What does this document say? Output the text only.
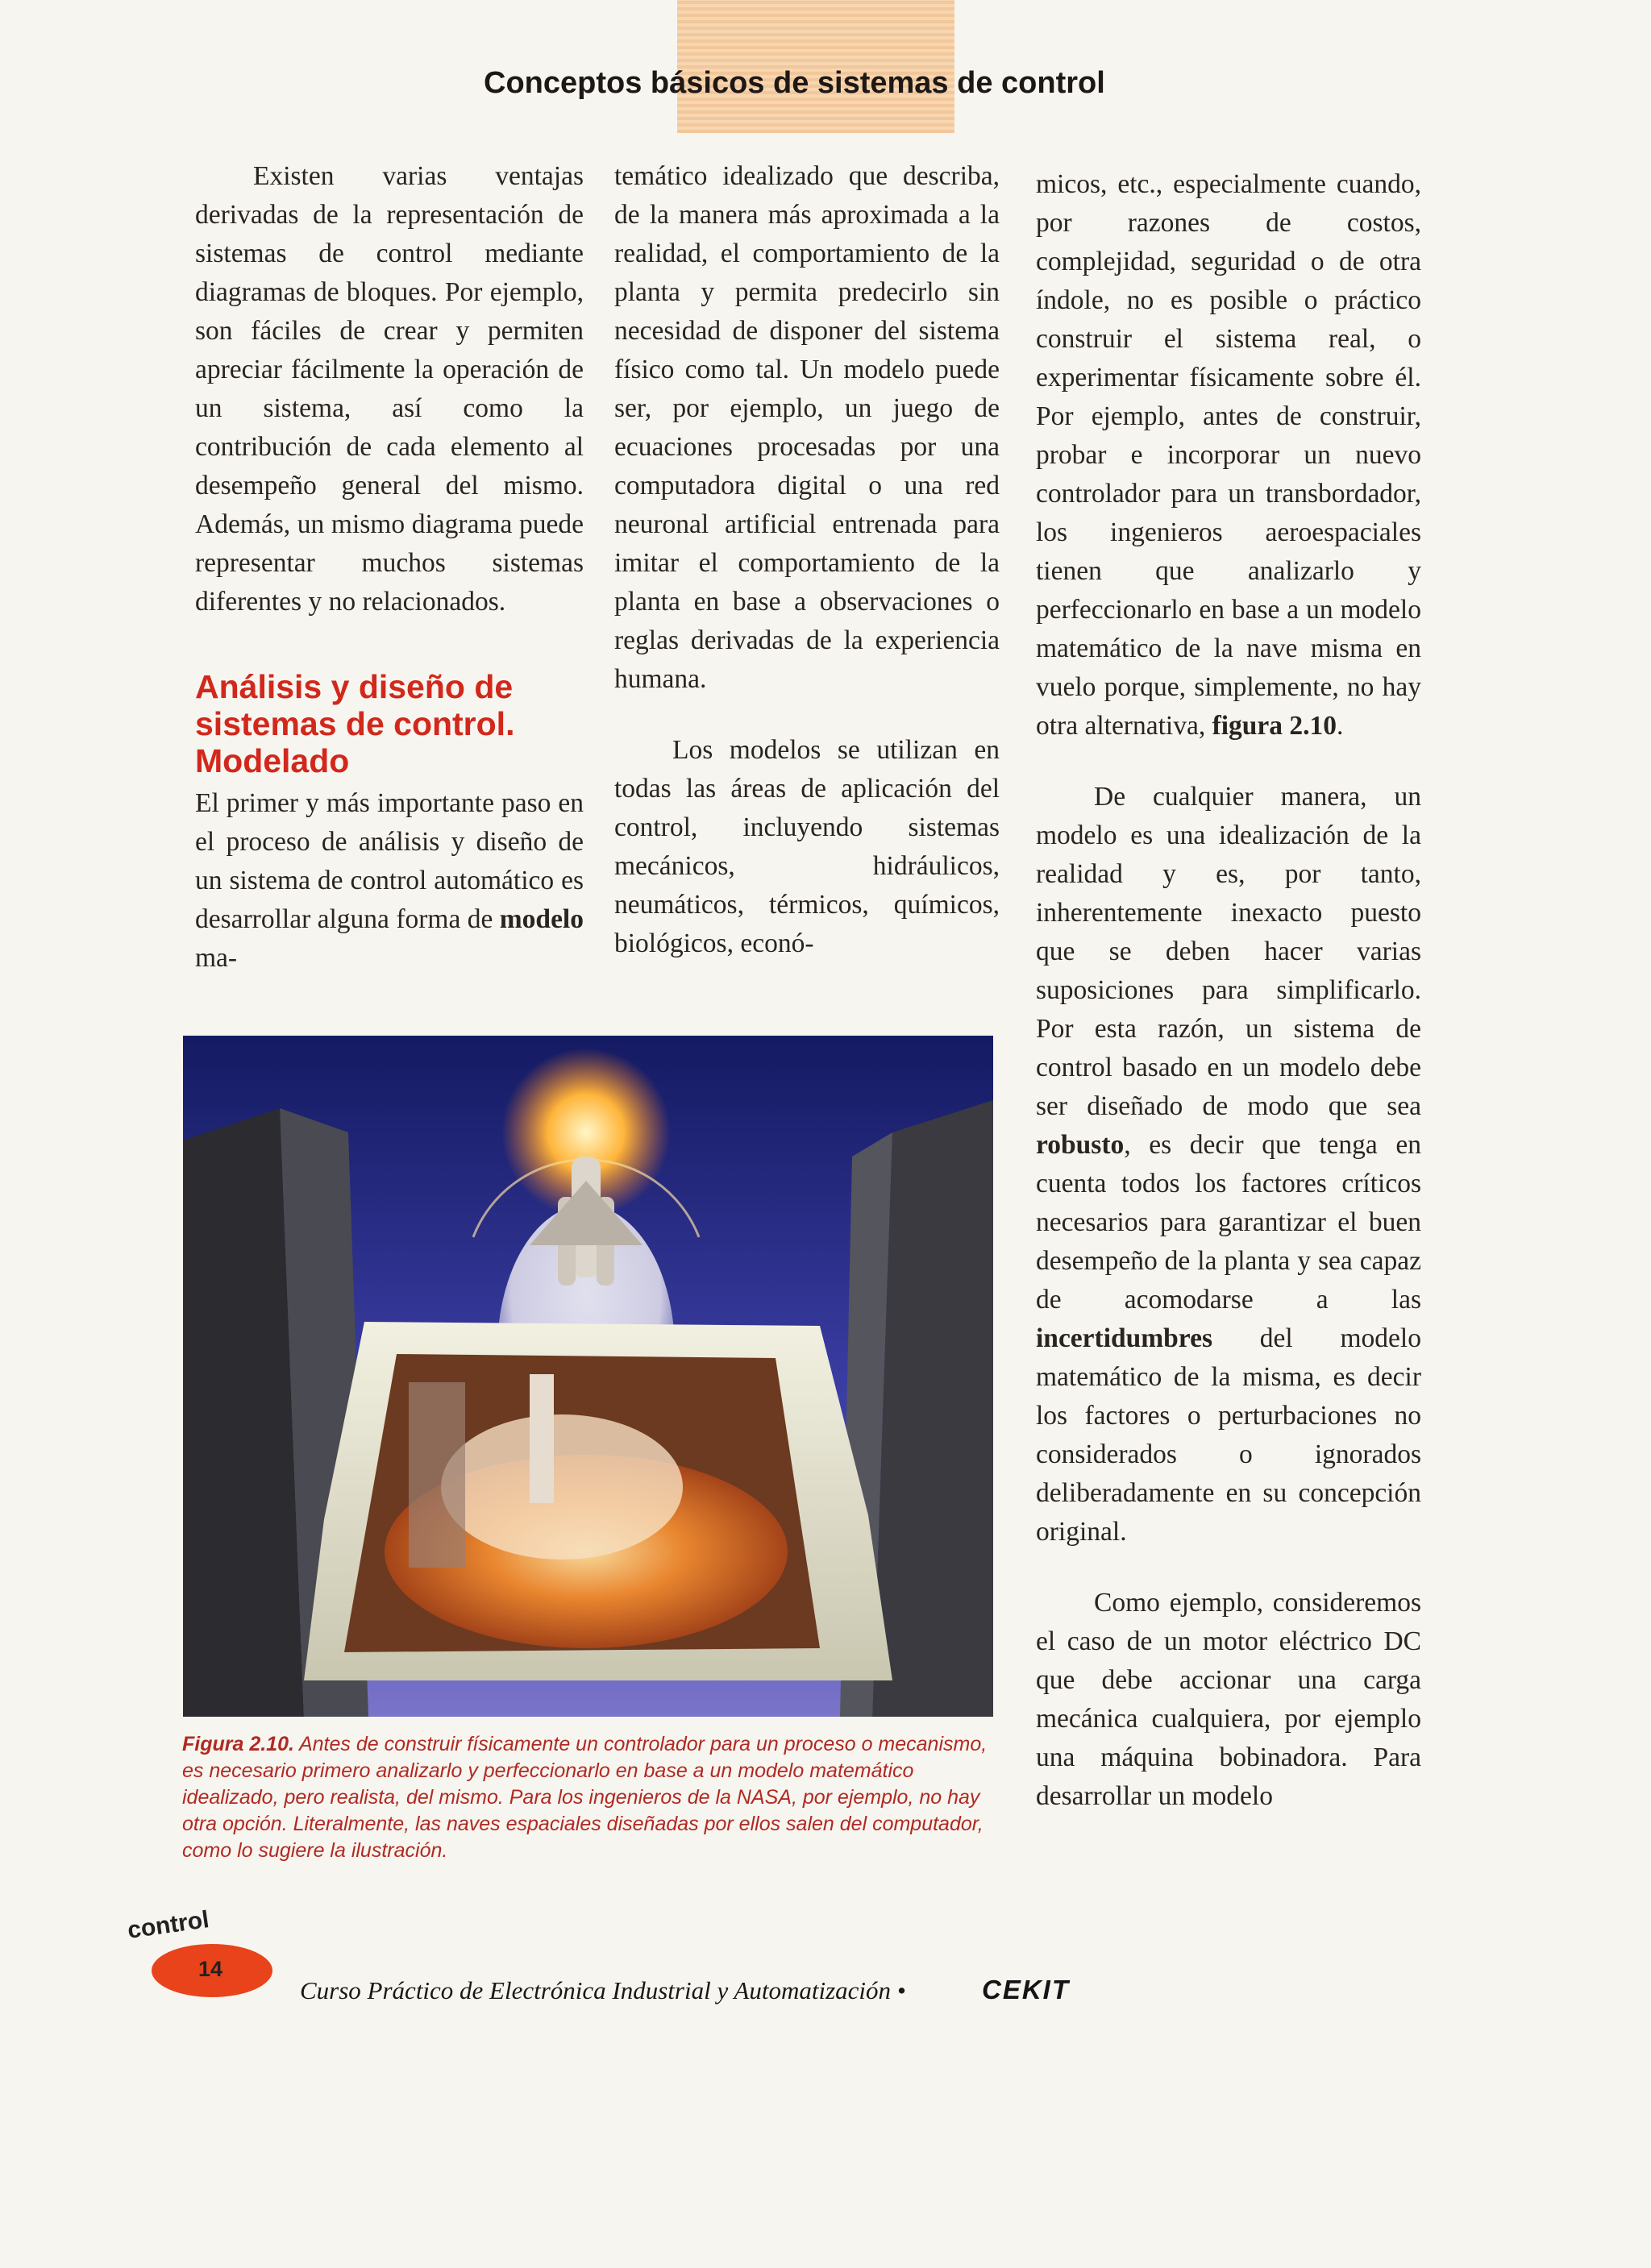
Conceptos básicos de sistemas de control

Existen varias ventajas derivadas de la representación de sistemas de control mediante diagramas de bloques. Por ejemplo, son fáciles de crear y permiten apreciar fácilmente la operación de un sistema, así como la contribución de cada elemento al desempeño general del mismo. Además, un mismo diagrama puede representar muchos sistemas diferentes y no relacionados.

Análisis y diseño de
sistemas de control.
Modelado

El primer y más importante paso en el proceso de análisis y diseño de un sistema de control automático es desarrollar alguna forma de modelo ma-

temático idealizado que describa, de la manera más aproximada a la realidad, el comportamiento de la planta y permita predecirlo sin necesidad de disponer del sistema físico como tal. Un modelo puede ser, por ejemplo, un juego de ecuaciones procesadas por una computadora digital o una red neuronal artificial entrenada para imitar el comportamiento de la planta en base a observaciones o reglas derivadas de la experiencia humana.

Los modelos se utilizan en todas las áreas de aplicación del control, incluyendo sistemas mecánicos, hidráulicos, neumáticos, térmicos, químicos, biológicos, econó-

micos, etc., especialmente cuando, por razones de costos, complejidad, seguridad o de otra índole, no es posible o práctico construir el sistema real, o experimentar físicamente sobre él. Por ejemplo, antes de construir, probar e incorporar un nuevo controlador para un transbordador, los ingenieros aeroespaciales tienen que analizarlo y perfeccionarlo en base a un modelo matemático de la nave misma en vuelo porque, simplemente, no hay otra alternativa, figura 2.10.

De cualquier manera, un modelo es una idealización de la realidad y es, por tanto, inherentemente inexacto puesto que se deben hacer varias suposiciones para simplificarlo. Por esta razón, un sistema de control basado en un modelo debe ser diseñado de modo que sea robusto, es decir que tenga en cuenta todos los factores críticos necesarios para garantizar el buen desempeño de la planta y sea capaz de acomodarse a las incertidumbres del modelo matemático de la misma, es decir los factores o perturbaciones no considerados o ignorados deliberadamente en su concepción original.

Como ejemplo, consideremos el caso de un motor eléctrico DC que debe accionar una carga mecánica cualquiera, por ejemplo una máquina bobinadora. Para desarrollar un modelo

Figura 2.10. Antes de construir físicamente un controlador para un proceso o mecanismo, es necesario primero analizarlo y perfeccionarlo en base a un modelo matemático idealizado, pero realista, del mismo. Para los ingenieros de la NASA, por ejemplo, no hay otra opción. Literalmente, las naves espaciales diseñadas por ellos salen del computador, como lo sugiere la ilustración.
control
14
Curso Práctico de Electrónica Industrial y Automatización •	CEKIT
